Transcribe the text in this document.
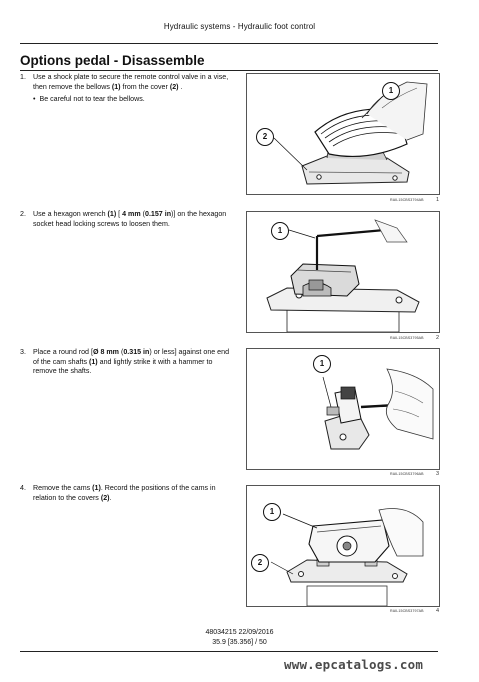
Hydraulic systems - Hydraulic foot control
Options pedal - Disassemble
1. Use a shock plate to secure the remote control valve in a vise, then remove the bellows (1) from the cover (2) .
• Be careful not to tear the bellows.
2. Use a hexagon wrench (1) [ 4 mm (0.157 in)] on the hexagon socket head locking screws to loosen them.
3. Place a round rod [Ø 8 mm (0.315 in) or less] against one end of the cam shafts (1) and lightly strike it with a hammer to remove the shafts.
4. Remove the cams (1). Record the positions of the cams in relation to the covers (2).
1
2
RAIL15CBS3794AB 1
1
RAIL15CBS3795AB 2
1
RAIL15CBS3796AB 3
1
2
RAIL15CBS3797AB 4
48034215 22/09/2016
35.9 [35.356] / 50
www.epcatalogs.com
